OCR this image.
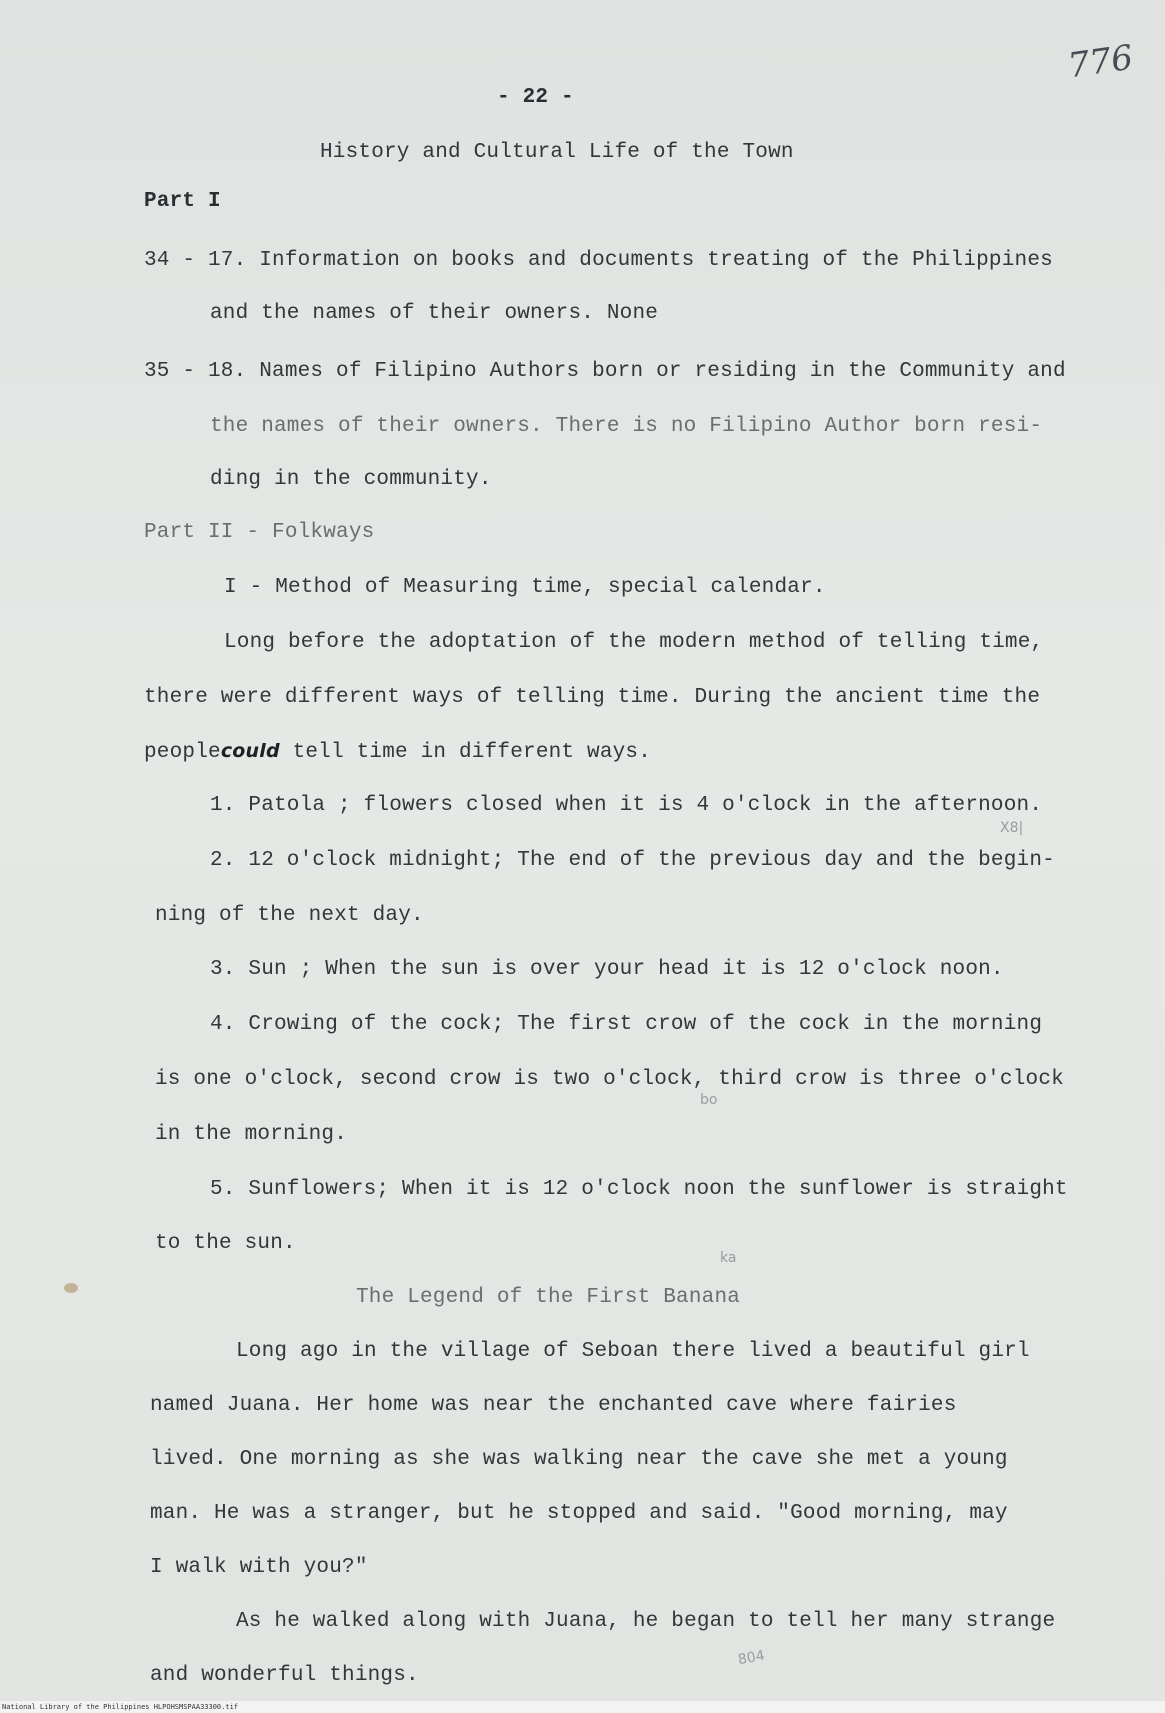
776
- 22 -
History and Cultural Life of the Town
Part I
34 - 17. Information on books and documents treating of the Philippines
and the names of their owners. None
35 - 18. Names of Filipino Authors born or residing in the Community and
the names of their owners. There is no Filipino Author born resi-
ding in the community.
Part II - Folkways
I - Method of Measuring time, special calendar.
Long before the adoptation of the modern method of telling time,
there were different ways of telling time. During the ancient time the
peoplecould tell time in different ways.
1. Patola ; flowers closed when it is 4 o'clock in the afternoon.
2. 12 o'clock midnight; The end of the previous day and the begin-
ning of the next day.
3. Sun ; When the sun is over your head it is 12 o'clock noon.
4. Crowing of the cock; The first crow of the cock in the morning
is one o'clock, second crow is two o'clock, third crow is three o'clock
in the morning.
5. Sunflowers; When it is 12 o'clock noon the sunflower is straight
to the sun.
The Legend of the First Banana
Long ago in the village of Seboan there lived a beautiful girl
named Juana. Her home was near the enchanted cave where fairies
lived. One morning as she was walking near the cave she met a young
man. He was a stranger, but he stopped and said. "Good morning, may
I walk with you?"
As he walked along with Juana, he began to tell her many strange
and wonderful things.
X8|
bo
ka
804
National Library of the Philippines HLPOHSMSPAA33300.tif
